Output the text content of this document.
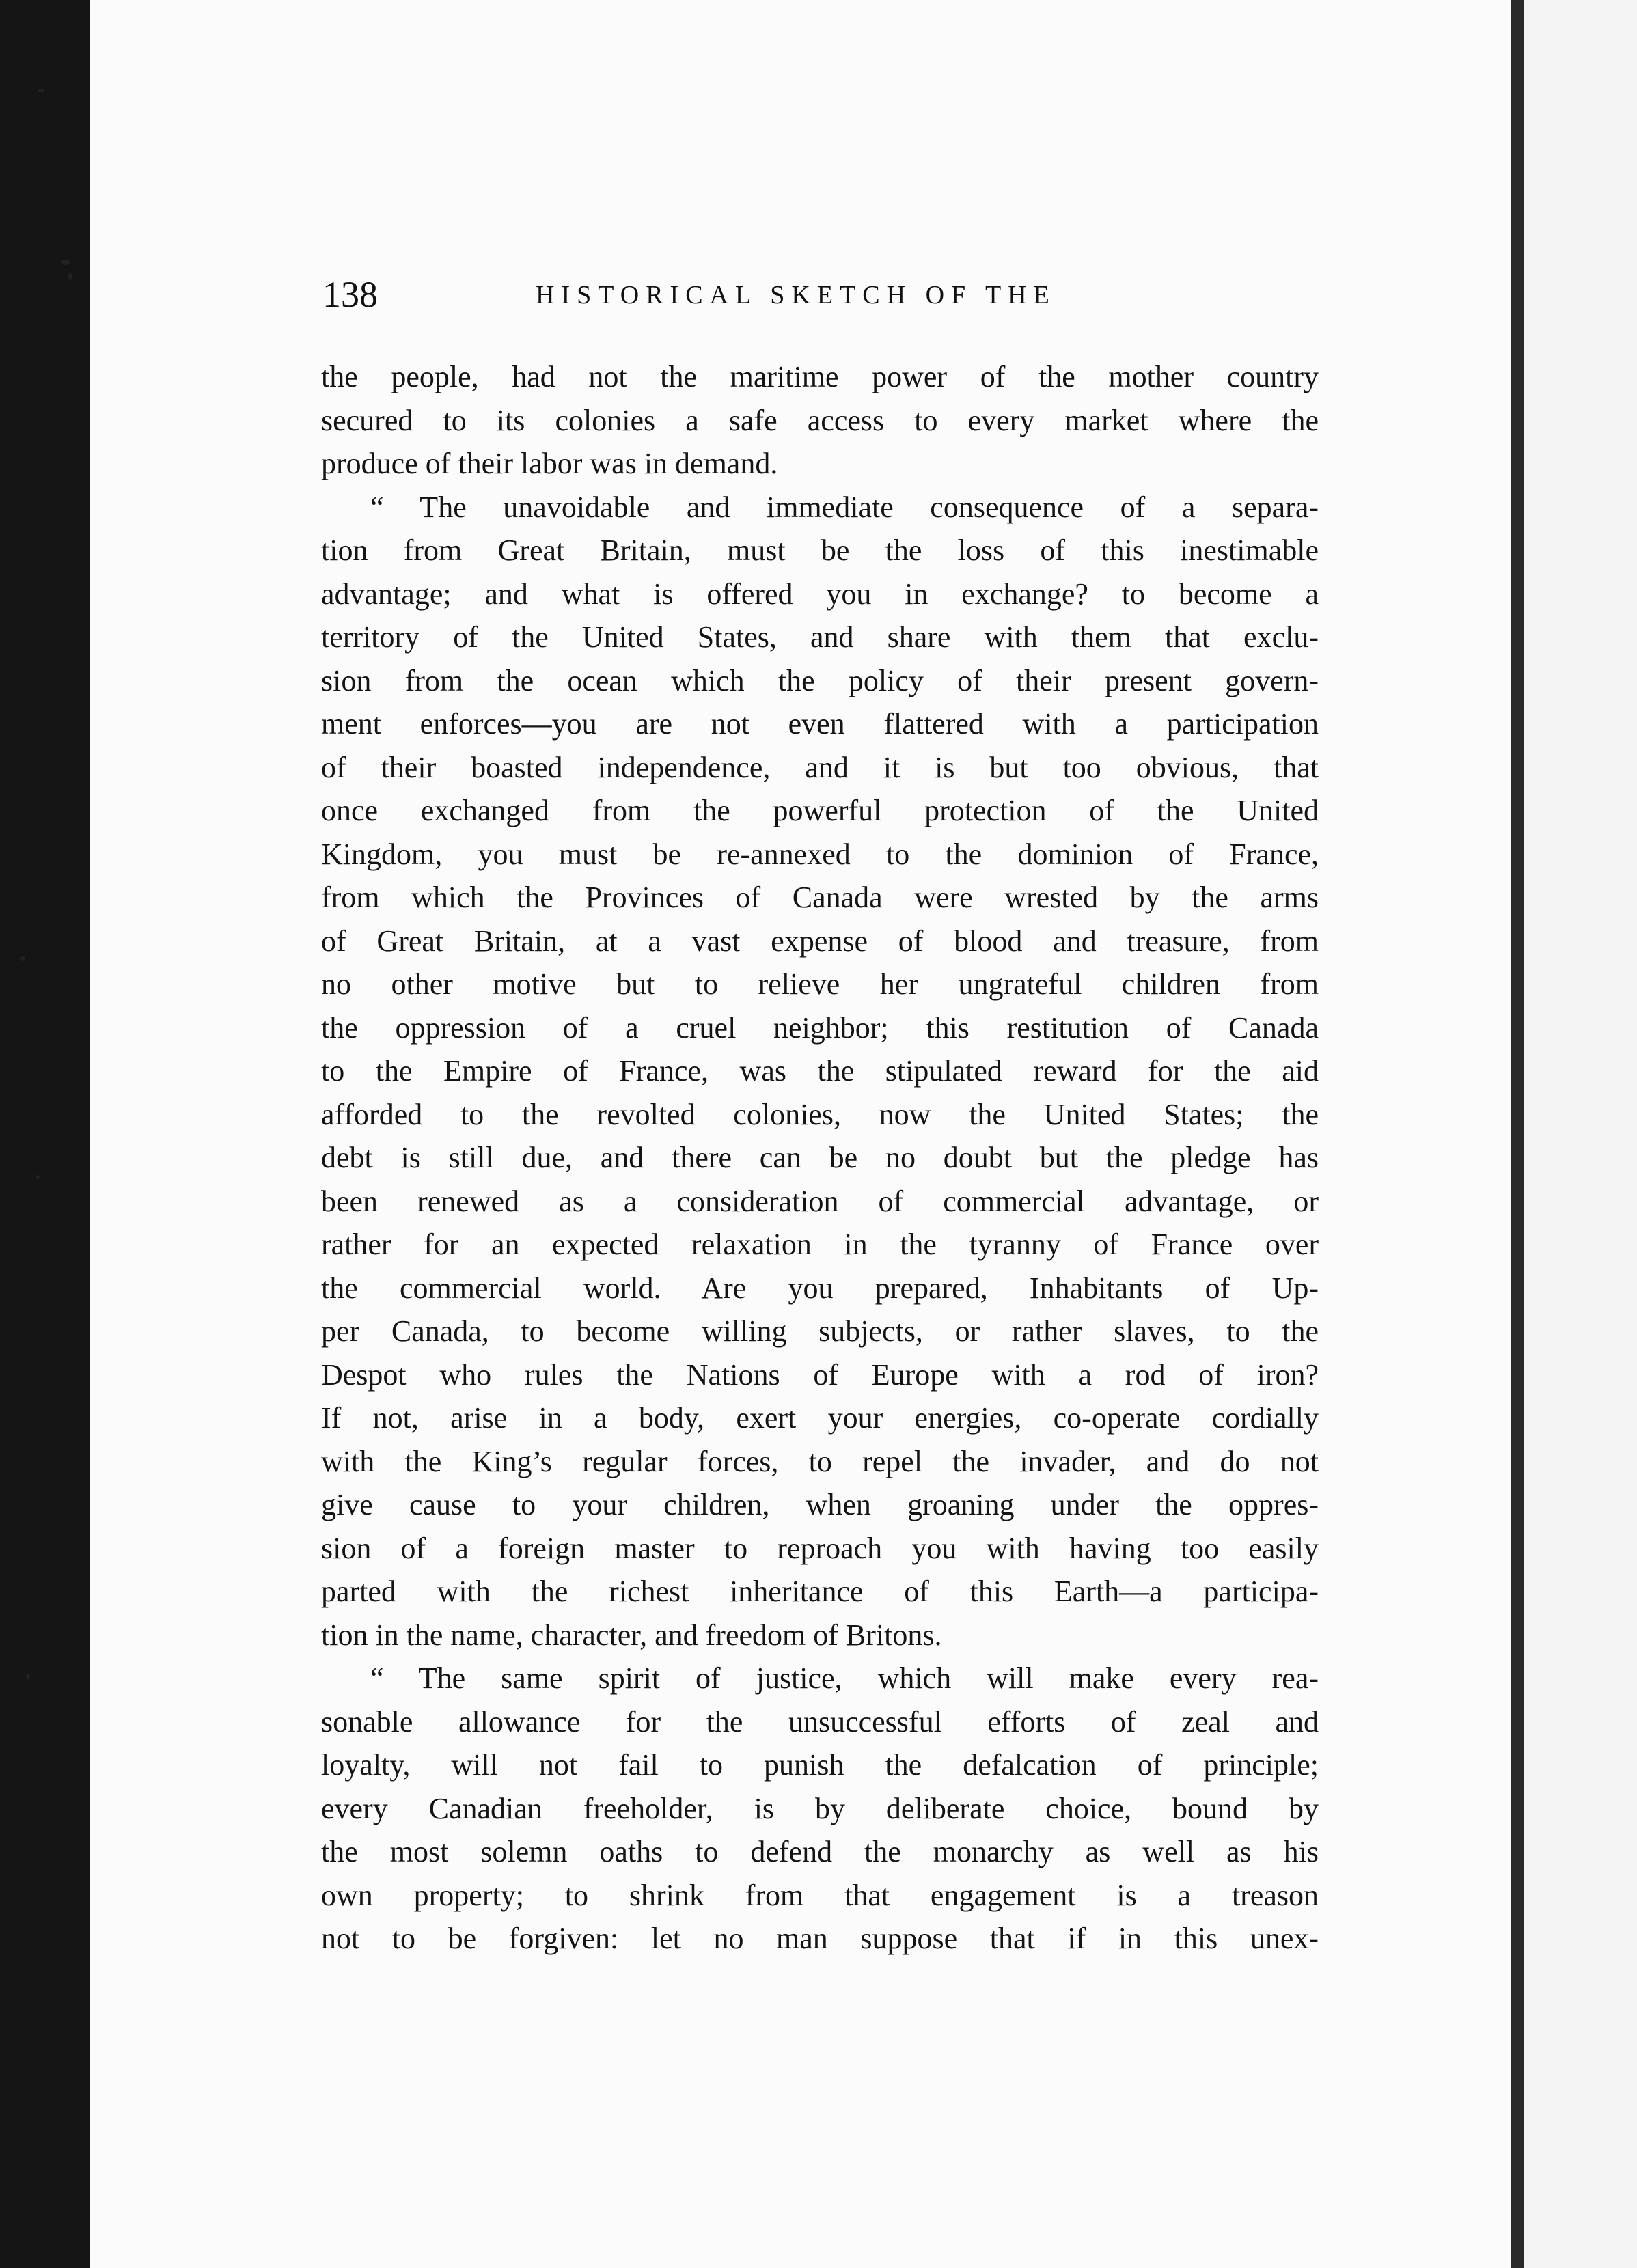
138	HISTORICAL SKETCH OF THE
the people, had not the maritime power of the mother country
secured to its colonies a safe access to every market where the
produce of their labor was in demand.
“ The unavoidable and immediate consequence of a separa-
tion from Great Britain, must be the loss of this inestimable
advantage; and what is offered you in exchange? to become a
territory of the United States, and share with them that exclu-
sion from the ocean which the policy of their present govern-
ment enforces—you are not even flattered with a participation
of their boasted independence, and it is but too obvious, that
once exchanged from the powerful protection of the United
Kingdom, you must be re-annexed to the dominion of France,
from which the Provinces of Canada were wrested by the arms
of Great Britain, at a vast expense of blood and treasure, from
no other motive but to relieve her ungrateful children from
the oppression of a cruel neighbor; this restitution of Canada
to the Empire of France, was the stipulated reward for the aid
afforded to the revolted colonies, now the United States; the
debt is still due, and there can be no doubt but the pledge has
been renewed as a consideration of commercial advantage, or
rather for an expected relaxation in the tyranny of France over
the commercial world. Are you prepared, Inhabitants of Up-
per Canada, to become willing subjects, or rather slaves, to the
Despot who rules the Nations of Europe with a rod of iron?
If not, arise in a body, exert your energies, co-operate cordially
with the King’s regular forces, to repel the invader, and do not
give cause to your children, when groaning under the oppres-
sion of a foreign master to reproach you with having too easily
parted with the richest inheritance of this Earth—a participa-
tion in the name, character, and freedom of Britons.
“ The same spirit of justice, which will make every rea-
sonable allowance for the unsuccessful efforts of zeal and
loyalty, will not fail to punish the defalcation of principle;
every Canadian freeholder, is by deliberate choice, bound by
the most solemn oaths to defend the monarchy as well as his
own property; to shrink from that engagement is a treason
not to be forgiven: let no man suppose that if in this unex-
